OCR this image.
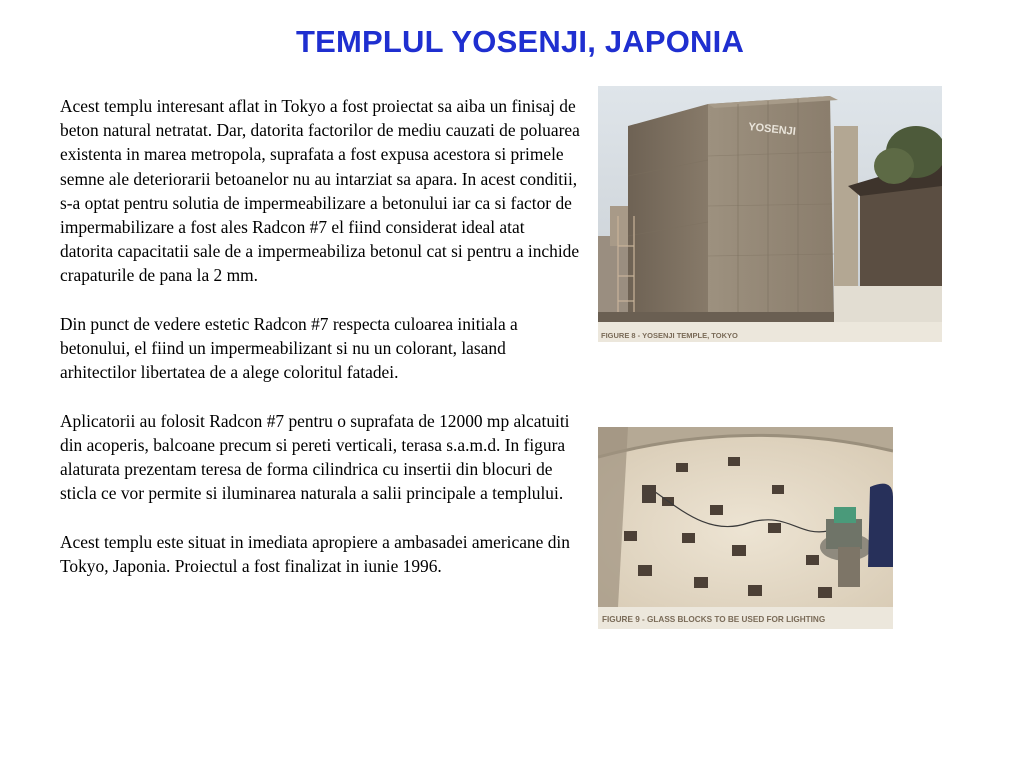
TEMPLUL YOSENJI, JAPONIA

Acest templu interesant aflat in Tokyo a fost proiectat sa aiba un finisaj de beton natural netratat. Dar, datorita factorilor de mediu cauzati de poluarea existenta in marea metropola, suprafata a fost expusa acestora si primele semne ale deteriorarii betoanelor nu au intarziat sa apara. In acest conditii, s-a optat pentru solutia de impermeabilizare a betonului iar ca si factor de impermabilizare a fost ales Radcon #7 el fiind considerat ideal atat datorita capacitatii sale de a impermeabiliza betonul cat si pentru a inchide crapaturile de pana la 2 mm.

Din punct de vedere estetic Radcon #7 respecta culoarea initiala a betonului, el fiind un impermeabilizant si nu un colorant, lasand arhitectilor libertatea de a alege coloritul fatadei.

Aplicatorii au folosit Radcon #7 pentru o suprafata de 12000 mp alcatuiti din acoperis, balcoane precum si pereti verticali, terasa s.a.m.d. In figura alaturata prezentam teresa de forma cilindrica cu insertii din blocuri de sticla ce vor permite si iluminarea naturala a salii principale a templului.

Acest templu este situat in imediata apropiere a ambasadei americane din Tokyo, Japonia. Proiectul a fost finalizat in iunie 1996.

YOSENJI
FIGURE 8 - YOSENJI TEMPLE, TOKYO
FIGURE 9 - GLASS BLOCKS TO BE USED FOR LIGHTING
